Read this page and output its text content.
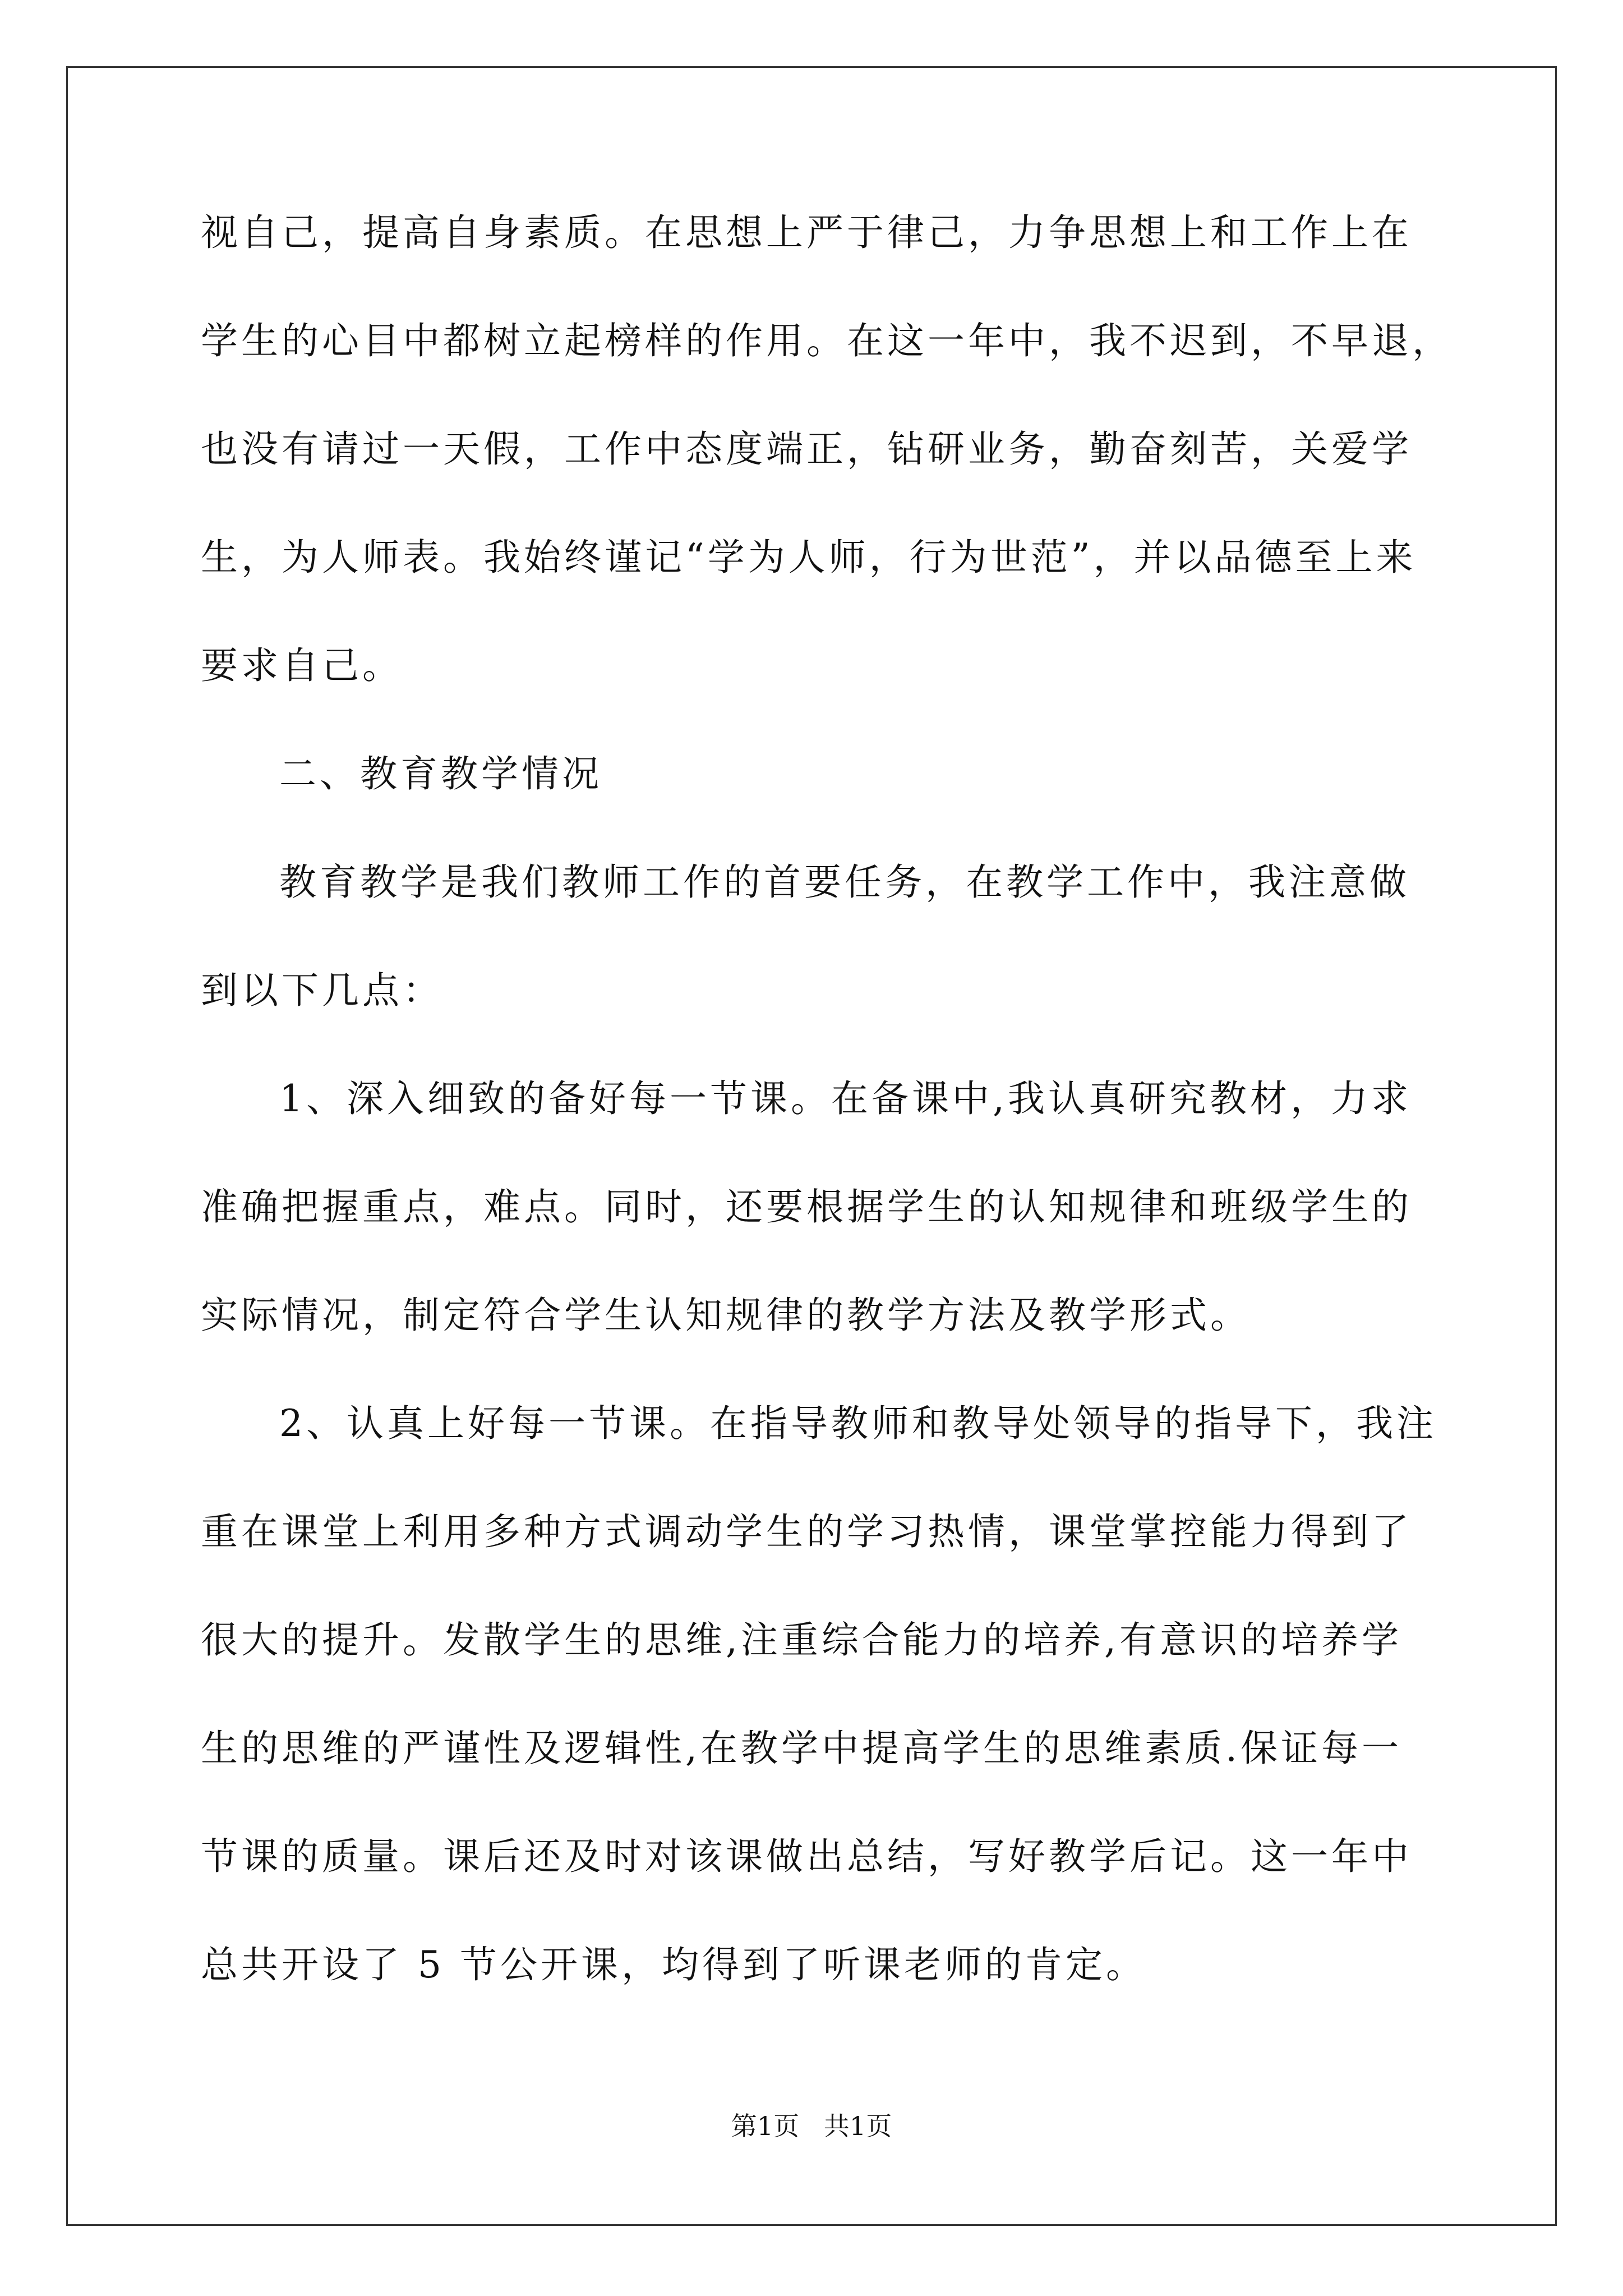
视自己，提高自身素质。在思想上严于律己，力争思想上和工作上在
学生的心目中都树立起榜样的作用。在这一年中，我不迟到，不早退，
也没有请过一天假，工作中态度端正，钻研业务，勤奋刻苦，关爱学
生，为人师表。我始终谨记“学为人师，行为世范”，并以品德至上来
要求自己。
二、教育教学情况
教育教学是我们教师工作的首要任务，在教学工作中，我注意做
到以下几点：
1、深入细致的备好每一节课。在备课中,我认真研究教材，力求
准确把握重点，难点。同时，还要根据学生的认知规律和班级学生的
实际情况，制定符合学生认知规律的教学方法及教学形式。
2、认真上好每一节课。在指导教师和教导处领导的指导下，我注
重在课堂上利用多种方式调动学生的学习热情，课堂掌控能力得到了
很大的提升。发散学生的思维,注重综合能力的培养,有意识的培养学
生的思维的严谨性及逻辑性,在教学中提高学生的思维素质.保证每一
节课的质量。课后还及时对该课做出总结，写好教学后记。这一年中
总共开设了 5 节公开课，均得到了听课老师的肯定。
第1页   共1页
